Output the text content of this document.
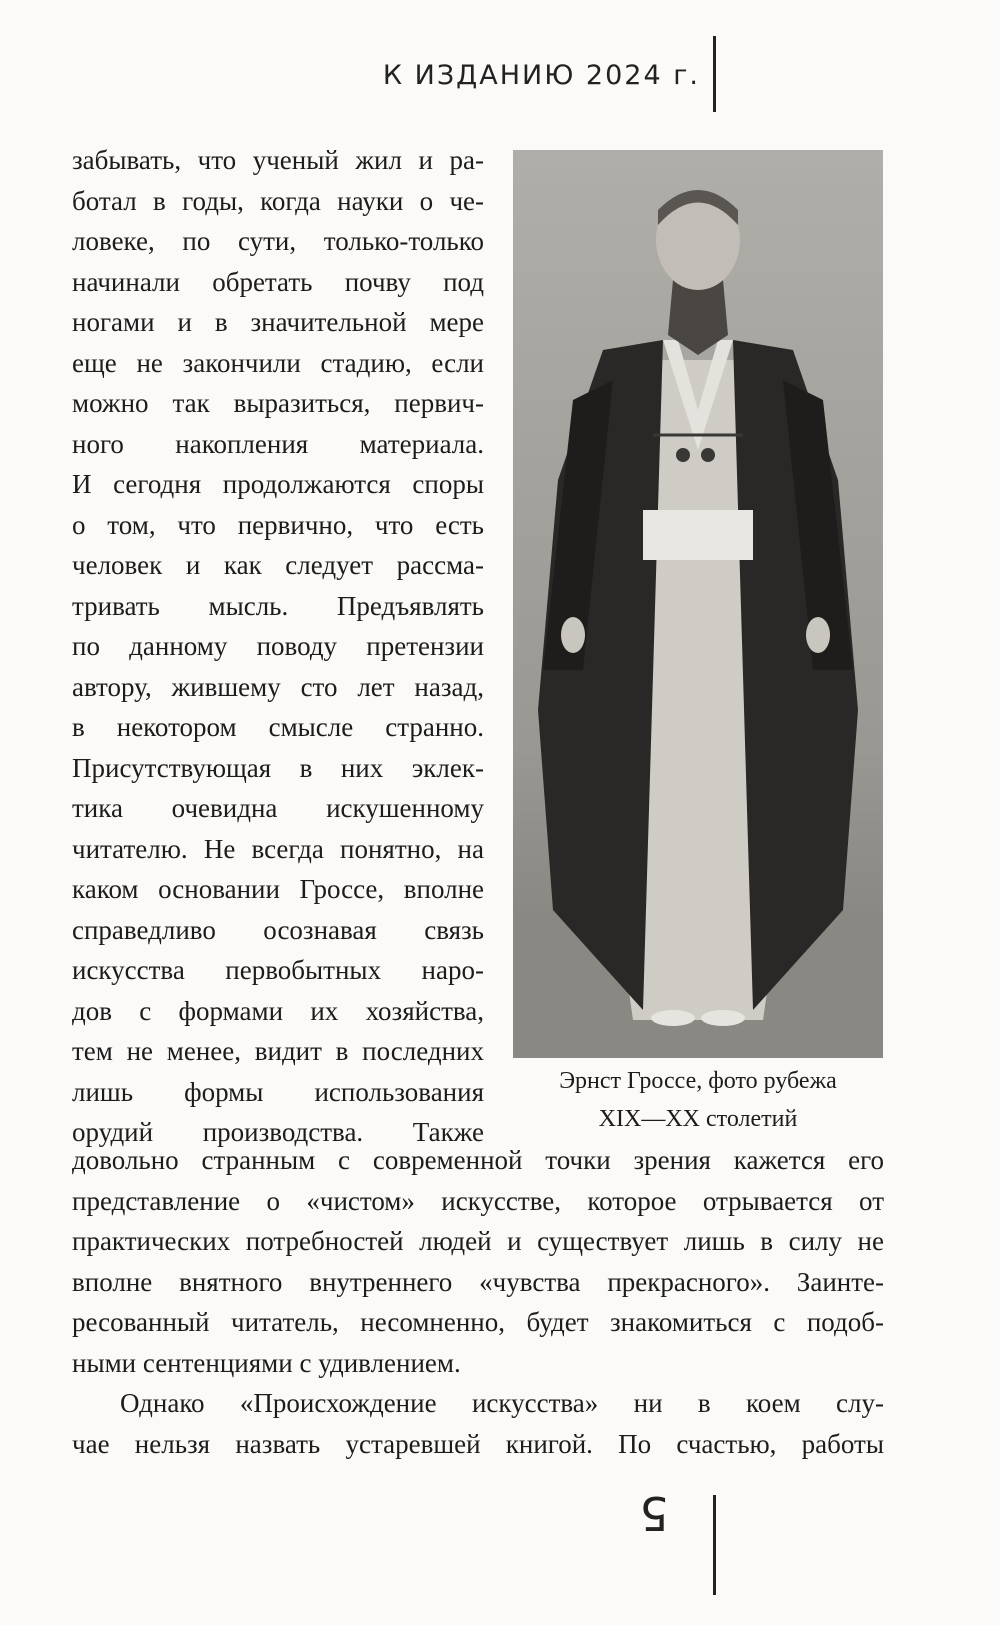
К ИЗДАНИЮ 2024 г.
забывать, что ученый жил и ра-
ботал в годы, когда науки о че-
ловеке, по сути, только-только
начинали обретать почву под
ногами и в значительной мере
еще не закончили стадию, если
можно так выразиться, первич-
ного накопления материала.
И сегодня продолжаются споры
о том, что первично, что есть
человек и как следует рассма-
тривать мысль. Предъявлять
по данному поводу претензии
автору, жившему сто лет назад,
в некотором смысле странно.
Присутствующая в них эклек-
тика очевидна искушенному
читателю. Не всегда понятно, на
каком основании Гроссе, вполне
справедливо осознавая связь
искусства первобытных наро-
дов с формами их хозяйства,
тем не менее, видит в последних
лишь формы использования
орудий производства. Также
Эрнст Гроссе, фото рубежа
XIX—XX столетий
довольно странным с современной точки зрения кажется его
представление о «чистом» искусстве, которое отрывается от
практических потребностей людей и существует лишь в силу не
вполне внятного внутреннего «чувства прекрасного». Заинте-
ресованный читатель, несомненно, будет знакомиться с подоб-
ными сентенциями с удивлением.
Однако «Происхождение искусства» ни в коем слу-
чае нельзя назвать устаревшей книгой. По счастью, работы
5
